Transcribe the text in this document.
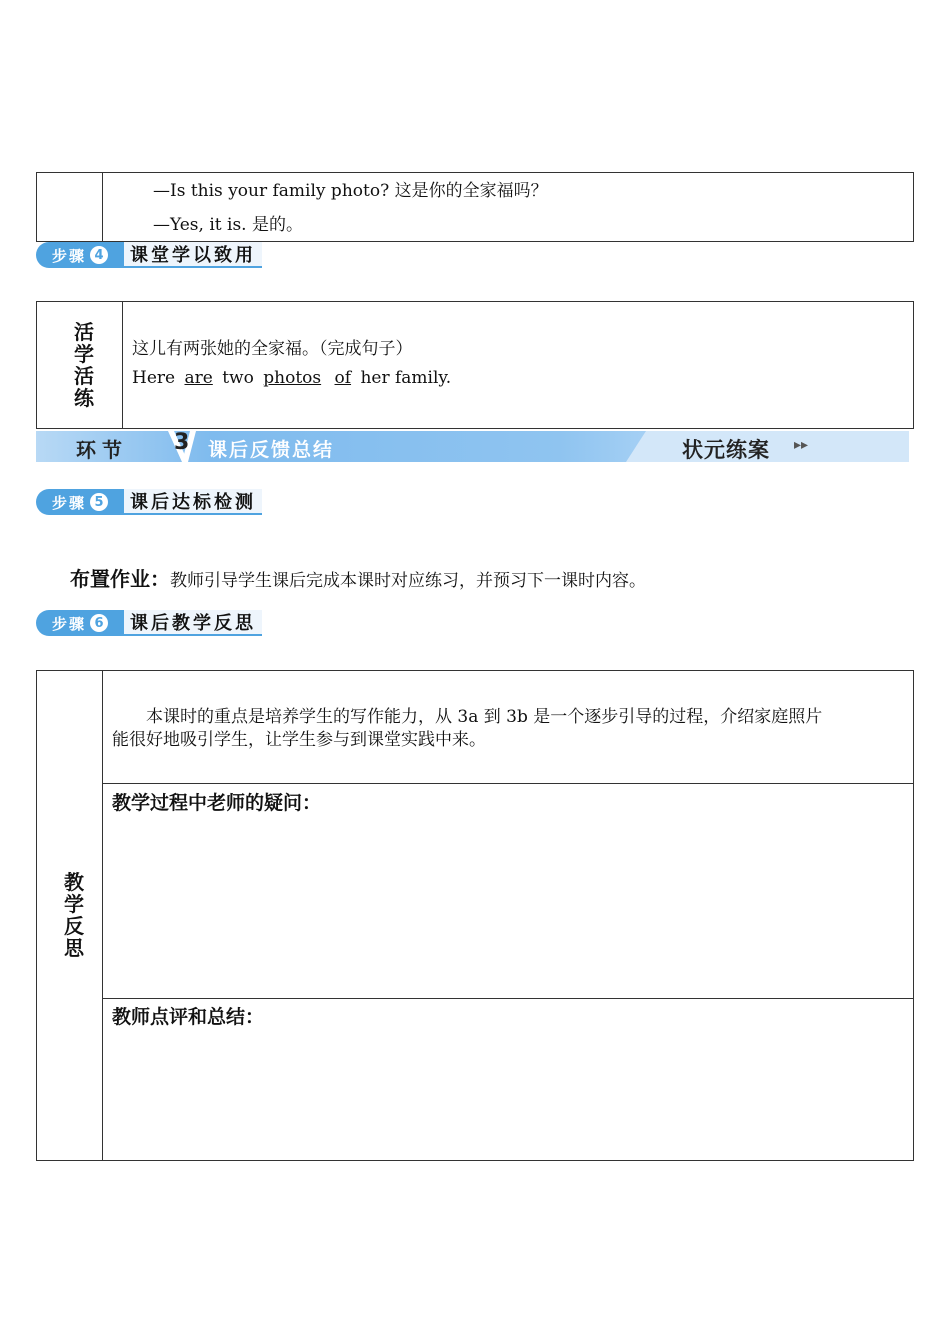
—Is this your family photo? 这是你的全家福吗？
—Yes, it is. 是的。
步骤 4	课堂学以致用
活
学
活
练
这儿有两张她的全家福。（完成句子）
Here are two photos of her family.
环节 3 课后反馈总结	状元练案 ▸▸
步骤 5	课后达标检测
布置作业：教师引导学生课后完成本课时对应练习，并预习下一课时内容。
步骤 6	课后教学反思
教
学
反
思
本课时的重点是培养学生的写作能力，从 3a 到 3b 是一个逐步引导的过程，介绍家庭照片
能很好地吸引学生，让学生参与到课堂实践中来。
教学过程中老师的疑问：
教师点评和总结：
